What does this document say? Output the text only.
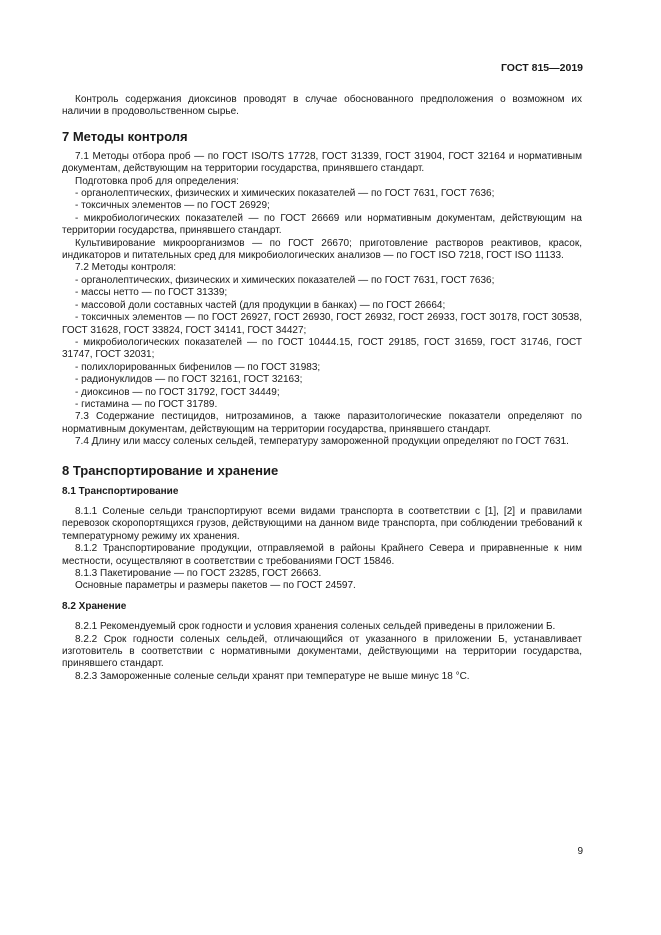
ГОСТ 815—2019

Контроль содержания диоксинов проводят в случае обоснованного предположения о возможном их наличии в продовольственном сырье.

7 Методы контроля

7.1 Методы отбора проб — по ГОСТ ISO/TS 17728, ГОСТ 31339, ГОСТ 31904, ГОСТ 32164 и нормативным документам, действующим на территории государства, принявшего стандарт.

Подготовка проб для определения:

- органолептических, физических и химических показателей — по ГОСТ 7631, ГОСТ 7636;

- токсичных элементов — по ГОСТ 26929;

- микробиологических показателей — по ГОСТ 26669 или нормативным документам, действующим на территории государства, принявшего стандарт.

Культивирование микроорганизмов — по ГОСТ 26670; приготовление растворов реактивов, красок, индикаторов и питательных сред для микробиологических анализов — по ГОСТ ISO 7218, ГОСТ ISO 11133.

7.2 Методы контроля:

- органолептических, физических и химических показателей — по ГОСТ 7631, ГОСТ 7636;

- массы нетто — по ГОСТ 31339;

- массовой доли составных частей (для продукции в банках) — по ГОСТ 26664;

- токсичных элементов — по ГОСТ 26927, ГОСТ 26930, ГОСТ 26932, ГОСТ 26933, ГОСТ 30178, ГОСТ 30538, ГОСТ 31628, ГОСТ 33824, ГОСТ 34141, ГОСТ 34427;

- микробиологических показателей — по ГОСТ 10444.15, ГОСТ 29185, ГОСТ 31659, ГОСТ 31746, ГОСТ 31747, ГОСТ 32031;

- полихлорированных бифенилов — по ГОСТ 31983;

- радионуклидов — по ГОСТ 32161, ГОСТ 32163;

- диоксинов — по ГОСТ 31792, ГОСТ 34449;

- гистамина — по ГОСТ 31789.

7.3 Содержание пестицидов, нитрозаминов, а также паразитологические показатели определяют по нормативным документам, действующим на территории государства, принявшего стандарт.

7.4 Длину или массу соленых сельдей, температуру замороженной продукции определяют по ГОСТ 7631.

8 Транспортирование и хранение
8.1 Транспортирование

8.1.1 Соленые сельди транспортируют всеми видами транспорта в соответствии с [1], [2] и правилами перевозок скоропортящихся грузов, действующими на данном виде транспорта, при соблюдении требований к температурному режиму их хранения.

8.1.2 Транспортирование продукции, отправляемой в районы Крайнего Севера и приравненные к ним местности, осуществляют в соответствии с требованиями ГОСТ 15846.

8.1.3 Пакетирование — по ГОСТ 23285, ГОСТ 26663.

Основные параметры и размеры пакетов — по ГОСТ 24597.

8.2 Хранение

8.2.1 Рекомендуемый срок годности и условия хранения соленых сельдей приведены в приложении Б.

8.2.2 Срок годности соленых сельдей, отличающийся от указанного в приложении Б, устанавливает изготовитель в соответствии с нормативными документами, действующими на территории государства, принявшего стандарт.

8.2.3 Замороженные соленые сельди хранят при температуре не выше минус 18 °С.

9
